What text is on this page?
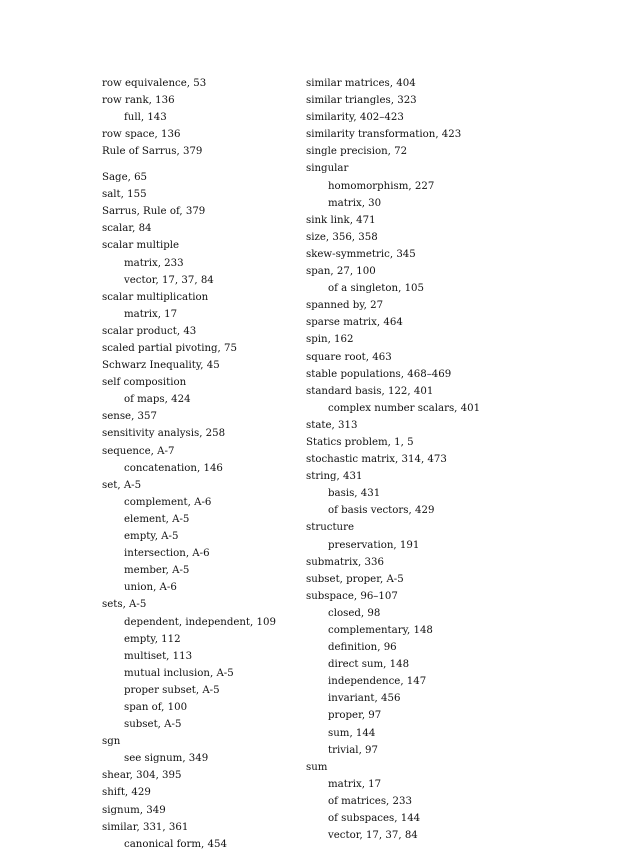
row equivalence, 53
row rank, 136
full, 143
row space, 136
Rule of Sarrus, 379
Sage, 65
salt, 155
Sarrus, Rule of, 379
scalar, 84
scalar multiple
matrix, 233
vector, 17, 37, 84
scalar multiplication
matrix, 17
scalar product, 43
scaled partial pivoting, 75
Schwarz Inequality, 45
self composition
of maps, 424
sense, 357
sensitivity analysis, 258
sequence, A-7
concatenation, 146
set, A-5
complement, A-6
element, A-5
empty, A-5
intersection, A-6
member, A-5
union, A-6
sets, A-5
dependent, independent, 109
empty, 112
multiset, 113
mutual inclusion, A-5
proper subset, A-5
span of, 100
subset, A-5
sgn
see signum, 349
shear, 304, 395
shift, 429
signum, 349
similar, 331, 361
canonical form, 454
similar matrices, 404
similar triangles, 323
similarity, 402–423
similarity transformation, 423
single precision, 72
singular
homomorphism, 227
matrix, 30
sink link, 471
size, 356, 358
skew-symmetric, 345
span, 27, 100
of a singleton, 105
spanned by, 27
sparse matrix, 464
spin, 162
square root, 463
stable populations, 468–469
standard basis, 122, 401
complex number scalars, 401
state, 313
Statics problem, 1, 5
stochastic matrix, 314, 473
string, 431
basis, 431
of basis vectors, 429
structure
preservation, 191
submatrix, 336
subset, proper, A-5
subspace, 96–107
closed, 98
complementary, 148
definition, 96
direct sum, 148
independence, 147
invariant, 456
proper, 97
sum, 144
trivial, 97
sum
matrix, 17
of matrices, 233
of subspaces, 144
vector, 17, 37, 84
